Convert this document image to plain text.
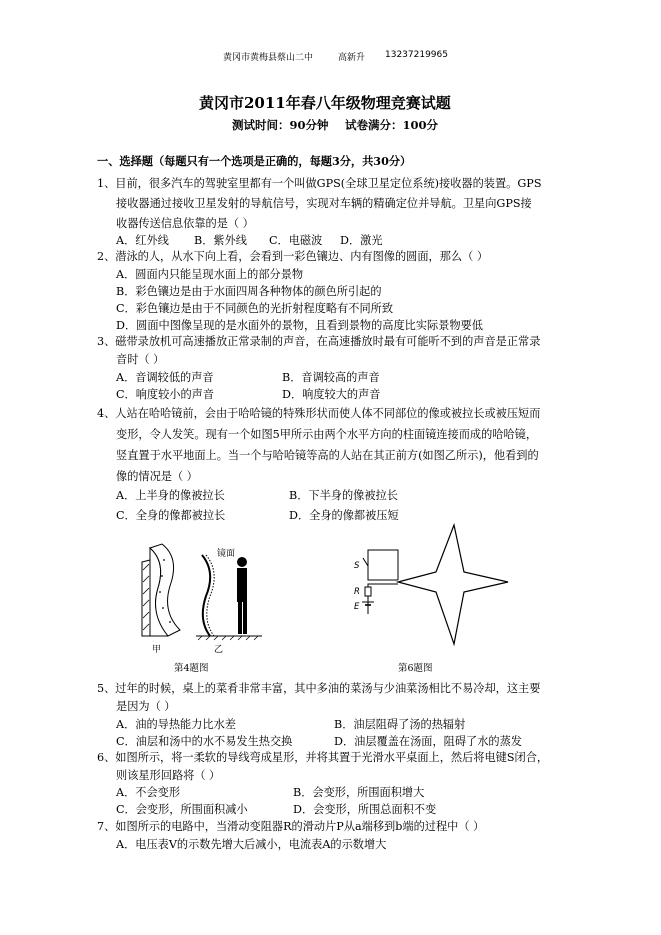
黄冈市黄梅县蔡山二中	高新升 13237219965
黄冈市2011年春八年级物理竞赛试题
测试时间：90分钟 试卷满分：100分
一、选择题（每题只有一个选项是正确的，每题3分，共30分）
1、目前，很多汽车的驾驶室里都有一个叫做GPS(全球卫星定位系统)接收器的装置。GPS
接收器通过接收卫星发射的导航信号，实现对车辆的精确定位并导航。卫星向GPS接
收器传送信息依靠的是（ ）
A．红外线 B．紫外线 C．电磁波 D．激光
2、潜泳的人，从水下向上看，会看到一彩色镶边、内有图像的圆面，那么（ ）
A．圆面内只能呈现水面上的部分景物
B．彩色镶边是由于水面四周各种物体的颜色所引起的
C．彩色镶边是由于不同颜色的光折射程度略有不同所致
D．圆面中图像呈现的是水面外的景物，且看到景物的高度比实际景物要低
3、磁带录放机可高速播放正常录制的声音，在高速播放时最有可能听不到的声音是正常录
音时（ ）
A．音调较低的声音	B．音调较高的声音
C．响度较小的声音	D．响度较大的声音
4、人站在哈哈镜前，会由于哈哈镜的特殊形状而使人体不同部位的像或被拉长或被压短而
变形，令人发笑。现有一个如图5甲所示由两个水平方向的柱面镜连接而成的哈哈镜，
竖直置于水平地面上。当一个与哈哈镜等高的人站在其正前方(如图乙所示)，他看到的
像的情况是（ ）
A．上半身的像被拉长	B．下半身的像被拉长
C．全身的像都被拉长	D．全身的像都被压短
镜面
甲	乙
第4题图
S
R
E
第6题图
5、过年的时候，桌上的菜肴非常丰富，其中多油的菜汤与少油菜汤相比不易冷却，这主要
是因为（ ）
A．油的导热能力比水差	B．油层阻碍了汤的热辐射
C．油层和汤中的水不易发生热交换	D．油层覆盖在汤面，阻碍了水的蒸发
6、如图所示，将一柔软的导线弯成星形，并将其置于光滑水平桌面上，然后将电键S闭合，
则该星形回路将（ ）
A．不会变形	B．会变形，所围面积增大
C．会变形，所围面积减小	D．会变形，所围总面积不变
7、如图所示的电路中，当滑动变阻器R的滑动片P从a端移到b端的过程中（ ）
A．电压表V的示数先增大后减小，电流表A的示数增大
